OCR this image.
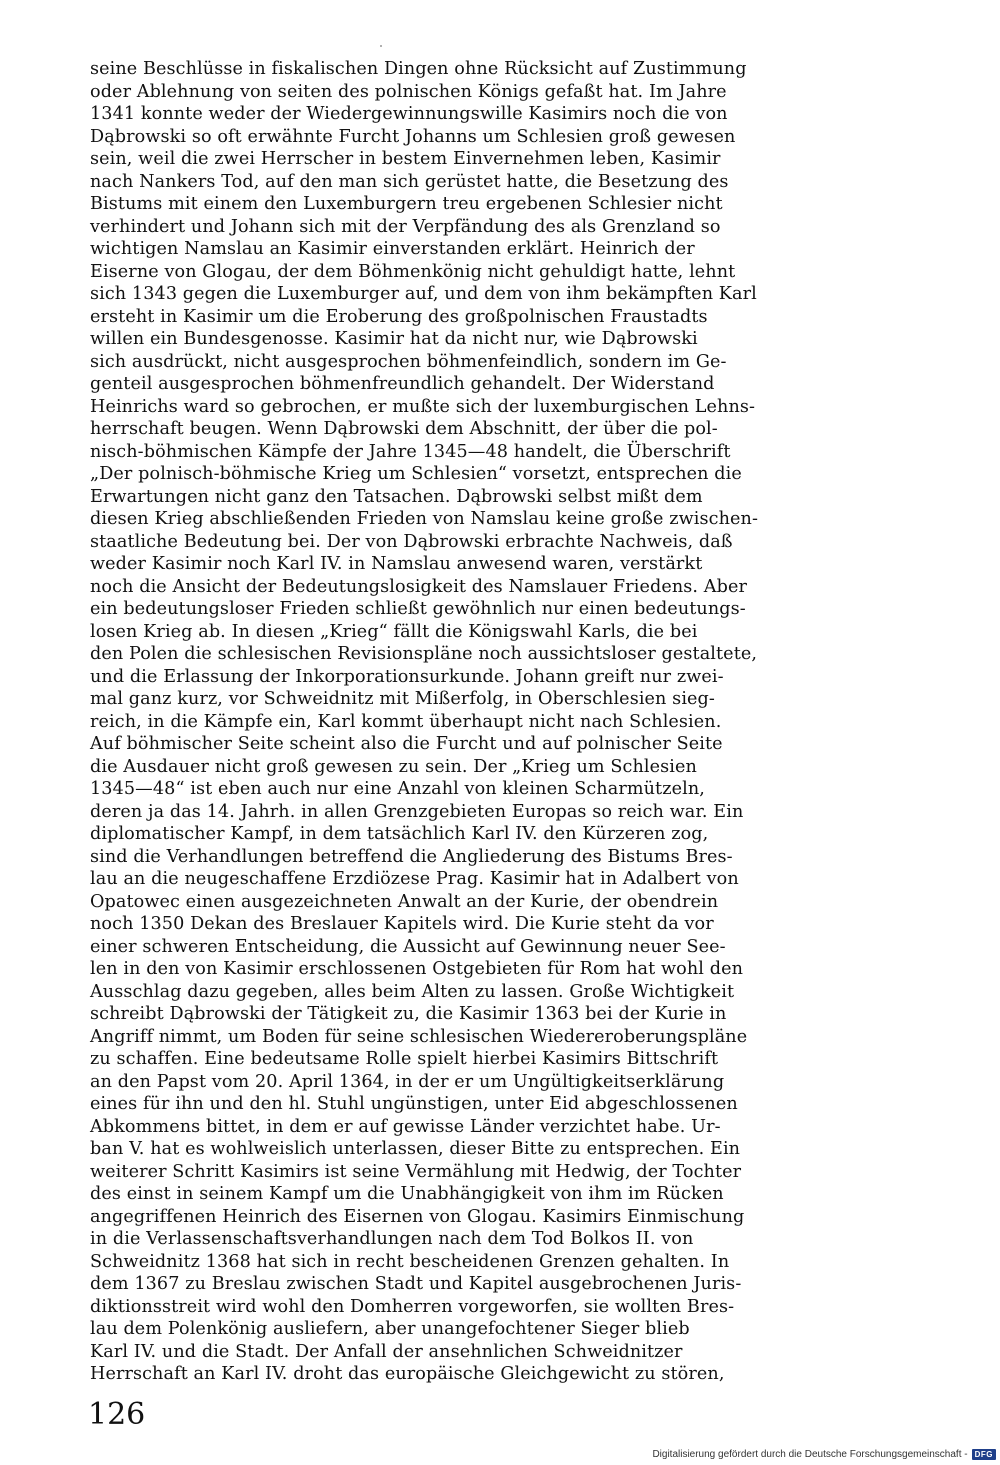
seine Beschlüsse in fiskalischen Dingen ohne Rücksicht auf Zustimmung
oder Ablehnung von seiten des polnischen Königs gefaßt hat. Im Jahre
1341 konnte weder der Wiedergewinnungswille Kasimirs noch die von
Dąbrowski so oft erwähnte Furcht Johanns um Schlesien groß gewesen
sein, weil die zwei Herrscher in bestem Einvernehmen leben, Kasimir
nach Nankers Tod, auf den man sich gerüstet hatte, die Besetzung des
Bistums mit einem den Luxemburgern treu ergebenen Schlesier nicht
verhindert und Johann sich mit der Verpfändung des als Grenzland so
wichtigen Namslau an Kasimir einverstanden erklärt. Heinrich der
Eiserne von Glogau, der dem Böhmenkönig nicht gehuldigt hatte, lehnt
sich 1343 gegen die Luxemburger auf, und dem von ihm bekämpften Karl
ersteht in Kasimir um die Eroberung des großpolnischen Fraustadts
willen ein Bundesgenosse. Kasimir hat da nicht nur, wie Dąbrowski
sich ausdrückt, nicht ausgesprochen böhmenfeindlich, sondern im Ge-
genteil ausgesprochen böhmenfreundlich gehandelt. Der Widerstand
Heinrichs ward so gebrochen, er mußte sich der luxemburgischen Lehns-
herrschaft beugen. Wenn Dąbrowski dem Abschnitt, der über die pol-
nisch-böhmischen Kämpfe der Jahre 1345—48 handelt, die Überschrift
„Der polnisch-böhmische Krieg um Schlesien“ vorsetzt, entsprechen die
Erwartungen nicht ganz den Tatsachen. Dąbrowski selbst mißt dem
diesen Krieg abschließenden Frieden von Namslau keine große zwischen-
staatliche Bedeutung bei. Der von Dąbrowski erbrachte Nachweis, daß
weder Kasimir noch Karl IV. in Namslau anwesend waren, verstärkt
noch die Ansicht der Bedeutungslosigkeit des Namslauer Friedens. Aber
ein bedeutungsloser Frieden schließt gewöhnlich nur einen bedeutungs-
losen Krieg ab. In diesen „Krieg“ fällt die Königswahl Karls, die bei
den Polen die schlesischen Revisionspläne noch aussichtsloser gestaltete,
und die Erlassung der Inkorporationsurkunde. Johann greift nur zwei-
mal ganz kurz, vor Schweidnitz mit Mißerfolg, in Oberschlesien sieg-
reich, in die Kämpfe ein, Karl kommt überhaupt nicht nach Schlesien.
Auf böhmischer Seite scheint also die Furcht und auf polnischer Seite
die Ausdauer nicht groß gewesen zu sein. Der „Krieg um Schlesien
1345—48“ ist eben auch nur eine Anzahl von kleinen Scharmützeln,
deren ja das 14. Jahrh. in allen Grenzgebieten Europas so reich war. Ein
diplomatischer Kampf, in dem tatsächlich Karl IV. den Kürzeren zog,
sind die Verhandlungen betreffend die Angliederung des Bistums Bres-
lau an die neugeschaffene Erzdiözese Prag. Kasimir hat in Adalbert von
Opatowec einen ausgezeichneten Anwalt an der Kurie, der obendrein
noch 1350 Dekan des Breslauer Kapitels wird. Die Kurie steht da vor
einer schweren Entscheidung, die Aussicht auf Gewinnung neuer See-
len in den von Kasimir erschlossenen Ostgebieten für Rom hat wohl den
Ausschlag dazu gegeben, alles beim Alten zu lassen. Große Wichtigkeit
schreibt Dąbrowski der Tätigkeit zu, die Kasimir 1363 bei der Kurie in
Angriff nimmt, um Boden für seine schlesischen Wiedereroberungspläne
zu schaffen. Eine bedeutsame Rolle spielt hierbei Kasimirs Bittschrift
an den Papst vom 20. April 1364, in der er um Ungültigkeitserklärung
eines für ihn und den hl. Stuhl ungünstigen, unter Eid abgeschlossenen
Abkommens bittet, in dem er auf gewisse Länder verzichtet habe. Ur-
ban V. hat es wohlweislich unterlassen, dieser Bitte zu entsprechen. Ein
weiterer Schritt Kasimirs ist seine Vermählung mit Hedwig, der Tochter
des einst in seinem Kampf um die Unabhängigkeit von ihm im Rücken
angegriffenen Heinrich des Eisernen von Glogau. Kasimirs Einmischung
in die Verlassenschaftsverhandlungen nach dem Tod Bolkos II. von
Schweidnitz 1368 hat sich in recht bescheidenen Grenzen gehalten. In
dem 1367 zu Breslau zwischen Stadt und Kapitel ausgebrochenen Juris-
diktionsstreit wird wohl den Domherren vorgeworfen, sie wollten Bres-
lau dem Polenkönig ausliefern, aber unangefochtener Sieger blieb
Karl IV. und die Stadt. Der Anfall der ansehnlichen Schweidnitzer
Herrschaft an Karl IV. droht das europäische Gleichgewicht zu stören,
126
Digitalisierung gefördert durch die Deutsche Forschungsgemeinschaft - DFG
